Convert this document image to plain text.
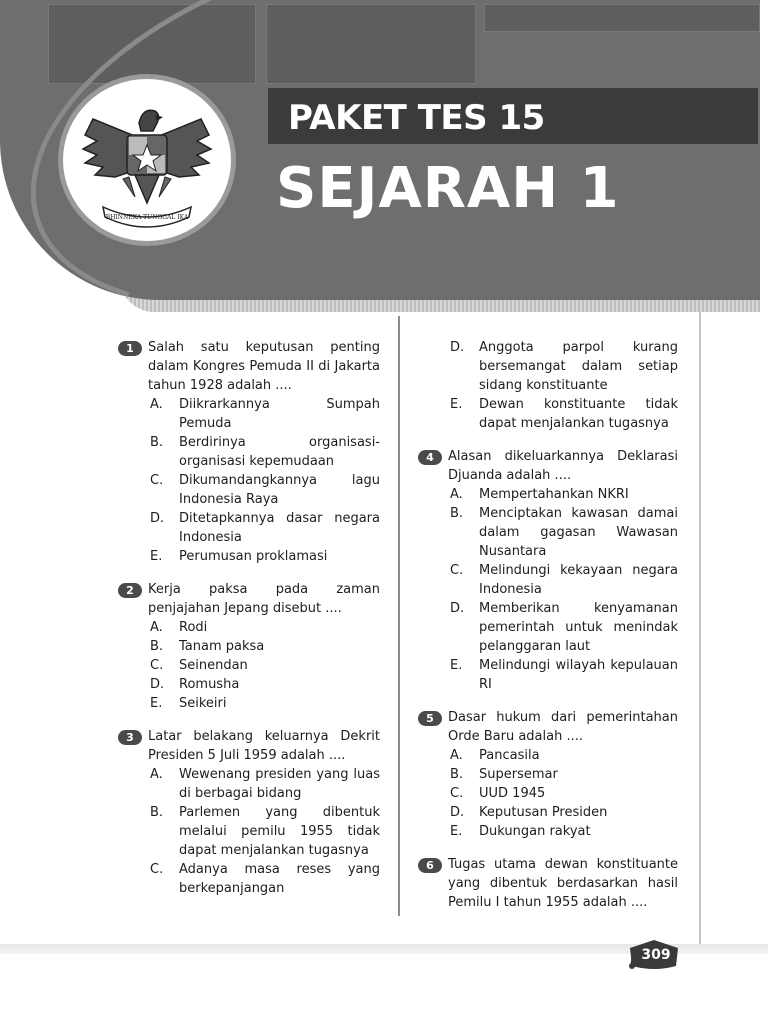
PAKET TES 15
SEJARAH 1
BHINNEKA TUNGGAL IKA
1	Salah satu keputusan penting dalam Kongres Pemuda II di Jakarta tahun 1928 adalah ....
A. Diikrarkannya Sumpah Pemuda
B. Berdirinya organisasi-organisasi kepemudaan
C. Dikumandangkannya lagu Indonesia Raya
D. Ditetapkannya dasar negara Indonesia
E. Perumusan proklamasi
2	Kerja paksa pada zaman penjajahan Jepang disebut ....
A. Rodi
B. Tanam paksa
C. Seinendan
D. Romusha
E. Seikeiri
3	Latar belakang keluarnya Dekrit Presiden 5 Juli 1959 adalah ....
A. Wewenang presiden yang luas di berbagai bidang
B. Parlemen yang dibentuk melalui pemilu 1955 tidak dapat menjalankan tugasnya
C. Adanya masa reses yang berkepanjangan
D. Anggota parpol kurang bersemangat dalam setiap sidang konstituante
E. Dewan konstituante tidak dapat menjalankan tugasnya
4	Alasan dikeluarkannya Deklarasi Djuanda adalah ....
A. Mempertahankan NKRI
B. Menciptakan kawasan damai dalam gagasan Wawasan Nusantara
C. Melindungi kekayaan negara Indonesia
D. Memberikan kenyamanan pemerintah untuk menindak pelanggaran laut
E. Melindungi wilayah kepulauan RI
5	Dasar hukum dari pemerintahan Orde Baru adalah ....
A. Pancasila
B. Supersemar
C. UUD 1945
D. Keputusan Presiden
E. Dukungan rakyat
6	Tugas utama dewan konstituante yang dibentuk berdasarkan hasil Pemilu I tahun 1955 adalah ....
309
